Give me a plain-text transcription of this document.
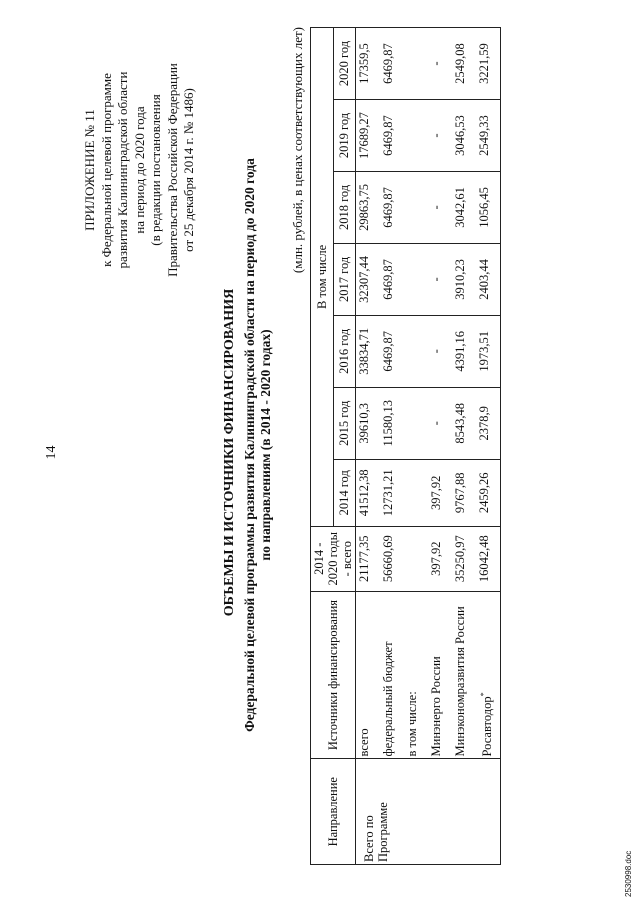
14
ПРИЛОЖЕНИЕ № 11 к Федеральной целевой программе развития Калининградской области на период до 2020 года (в редакции постановления Правительства Российской Федерации от 25 декабря 2014 г. № 1486)
ОБЪЕМЫ И ИСТОЧНИКИ ФИНАНСИРОВАНИЯ Федеральной целевой программы развития Калининградской области на период до 2020 года по направлениям (в 2014 - 2020 годах)
(млн. рублей, в ценах соответствующих лет)
Направление	Источники финансирования	2014 - 2020 годы - всего	В том числе						
			2014 год	2015 год	2016 год	2017 год	2018 год	2019 год	2020 год
Всего по Программе	всего	21177,35	41512,38	39610,3	33834,71	32307,44	29863,75	17689,27	17359,5
	федеральный бюджет	56660,69	12731,21	11580,13	6469,87	6469,87	6469,87	6469,87	6469,87
	в том числе:								
	Минэнерго России	397,92	397,92	-	-	-	-	-	-
	Минэкономразвития России	35250,97	9767,88	8543,48	4391,16	3910,23	3042,61	3046,53	2549,08
	Росавтодор*	16042,48	2459,26	2378,9	1973,51	2403,44	1056,45	2549,33	3221,59
2530998.doc
